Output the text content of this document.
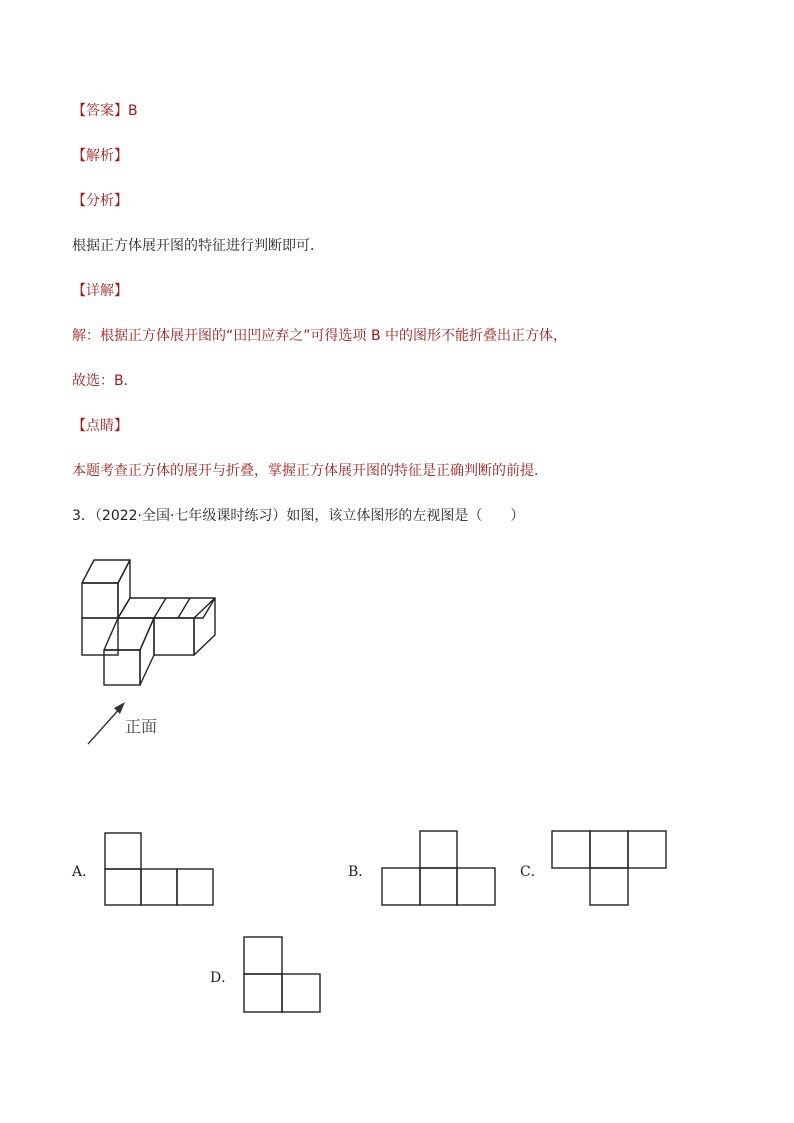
【答案】B
【解析】
【分析】
根据正方体展开图的特征进行判断即可．
【详解】
解：根据正方体展开图的“田凹应弃之”可得选项 B 中的图形不能折叠出正方体，
故选：B．
【点睛】
本题考查正方体的展开与折叠，掌握正方体展开图的特征是正确判断的前提．
3．（2022·全国·七年级课时练习）如图，该立体图形的左视图是（　　）
正面
A．	B．	C．
D．
